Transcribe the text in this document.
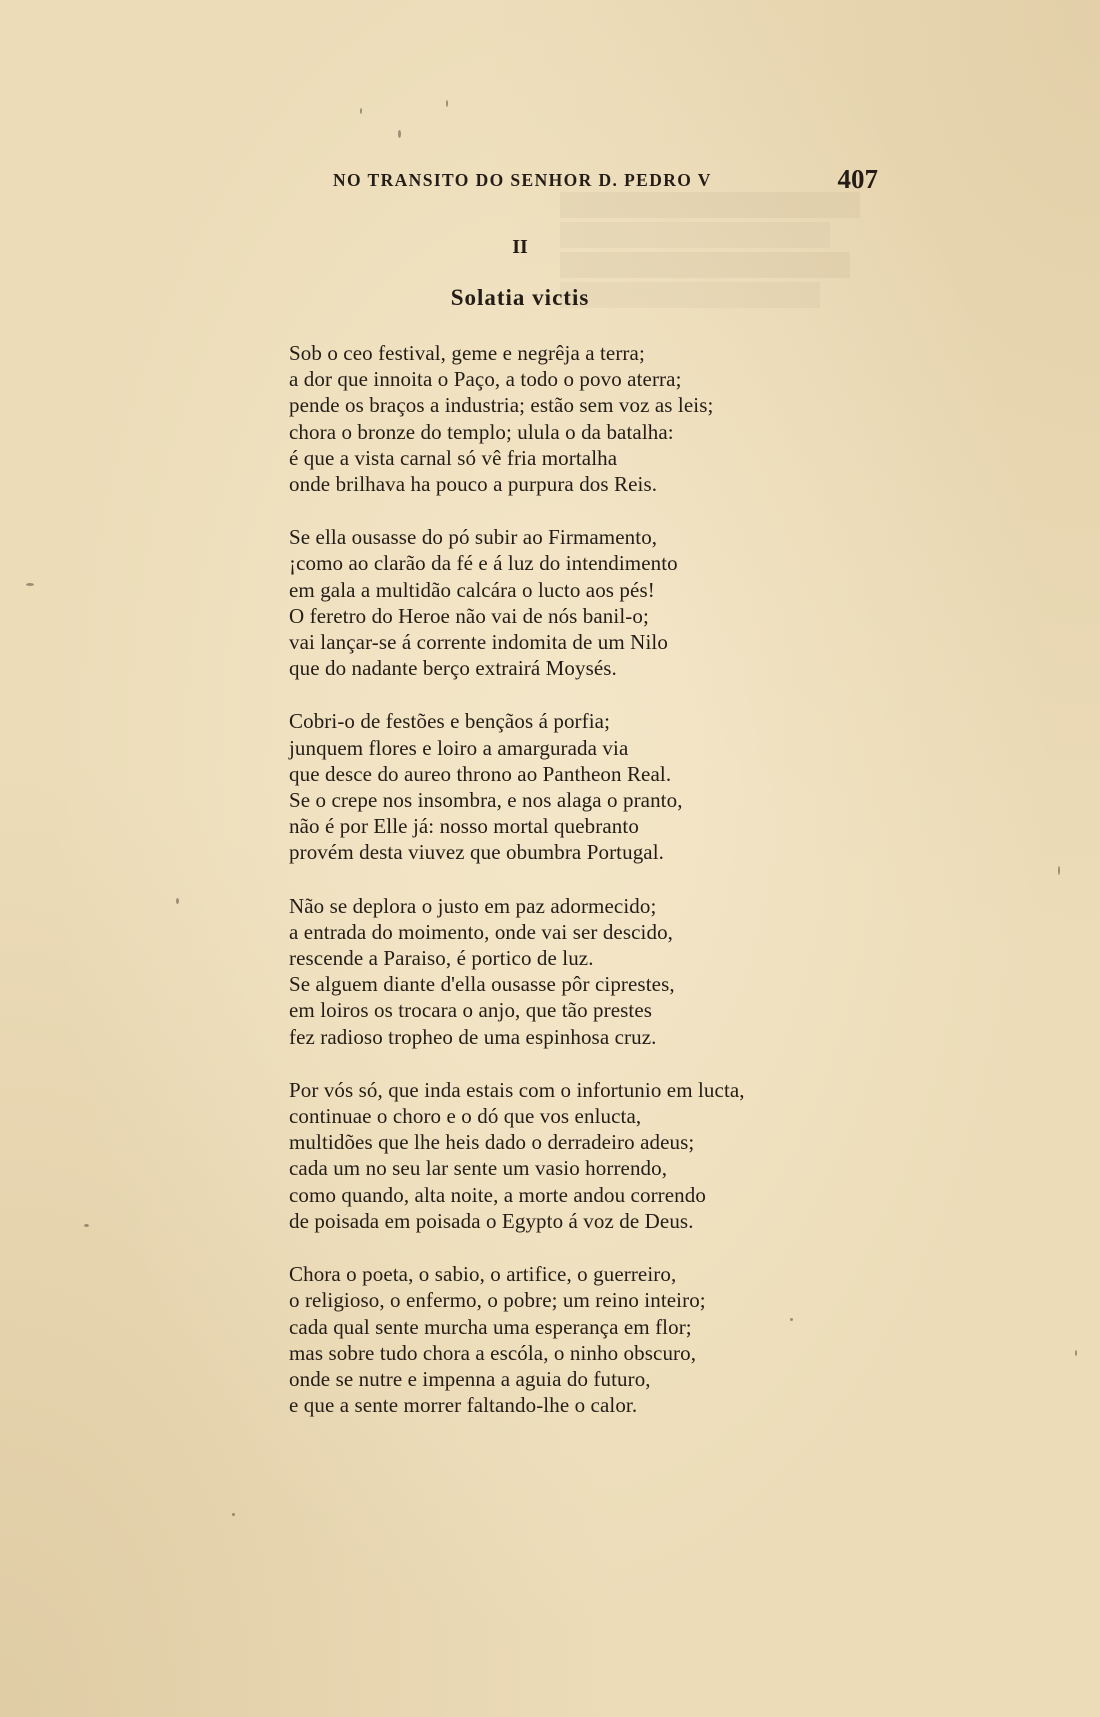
NO TRANSITO DO SENHOR D. PEDRO V	407
II
Solatia victis
Sob o ceo festival, geme e negrêja a terra;
a dor que innoita o Paço, a todo o povo aterra;
pende os braços a industria; estão sem voz as leis;
chora o bronze do templo; ulula o da batalha:
é que a vista carnal só vê fria mortalha
onde brilhava ha pouco a purpura dos Reis.
Se ella ousasse do pó subir ao Firmamento,
¡como ao clarão da fé e á luz do intendimento
em gala a multidão calcára o lucto aos pés!
O feretro do Heroe não vai de nós banil-o;
vai lançar-se á corrente indomita de um Nilo
que do nadante berço extrairá Moysés.
Cobri-o de festões e bençãos á porfia;
junquem flores e loiro a amargurada via
que desce do aureo throno ao Pantheon Real.
Se o crepe nos insombra, e nos alaga o pranto,
não é por Elle já: nosso mortal quebranto
provém desta viuvez que obumbra Portugal.
Não se deplora o justo em paz adormecido;
a entrada do moimento, onde vai ser descido,
rescende a Paraiso, é portico de luz.
Se alguem diante d'ella ousasse pôr ciprestes,
em loiros os trocara o anjo, que tão prestes
fez radioso tropheo de uma espinhosa cruz.
Por vós só, que inda estais com o infortunio em lucta,
continuae o choro e o dó que vos enlucta,
multidões que lhe heis dado o derradeiro adeus;
cada um no seu lar sente um vasio horrendo,
como quando, alta noite, a morte andou correndo
de poisada em poisada o Egypto á voz de Deus.
Chora o poeta, o sabio, o artifice, o guerreiro,
o religioso, o enfermo, o pobre; um reino inteiro;
cada qual sente murcha uma esperança em flor;
mas sobre tudo chora a escóla, o ninho obscuro,
onde se nutre e impenna a aguia do futuro,
e que a sente morrer faltando-lhe o calor.
